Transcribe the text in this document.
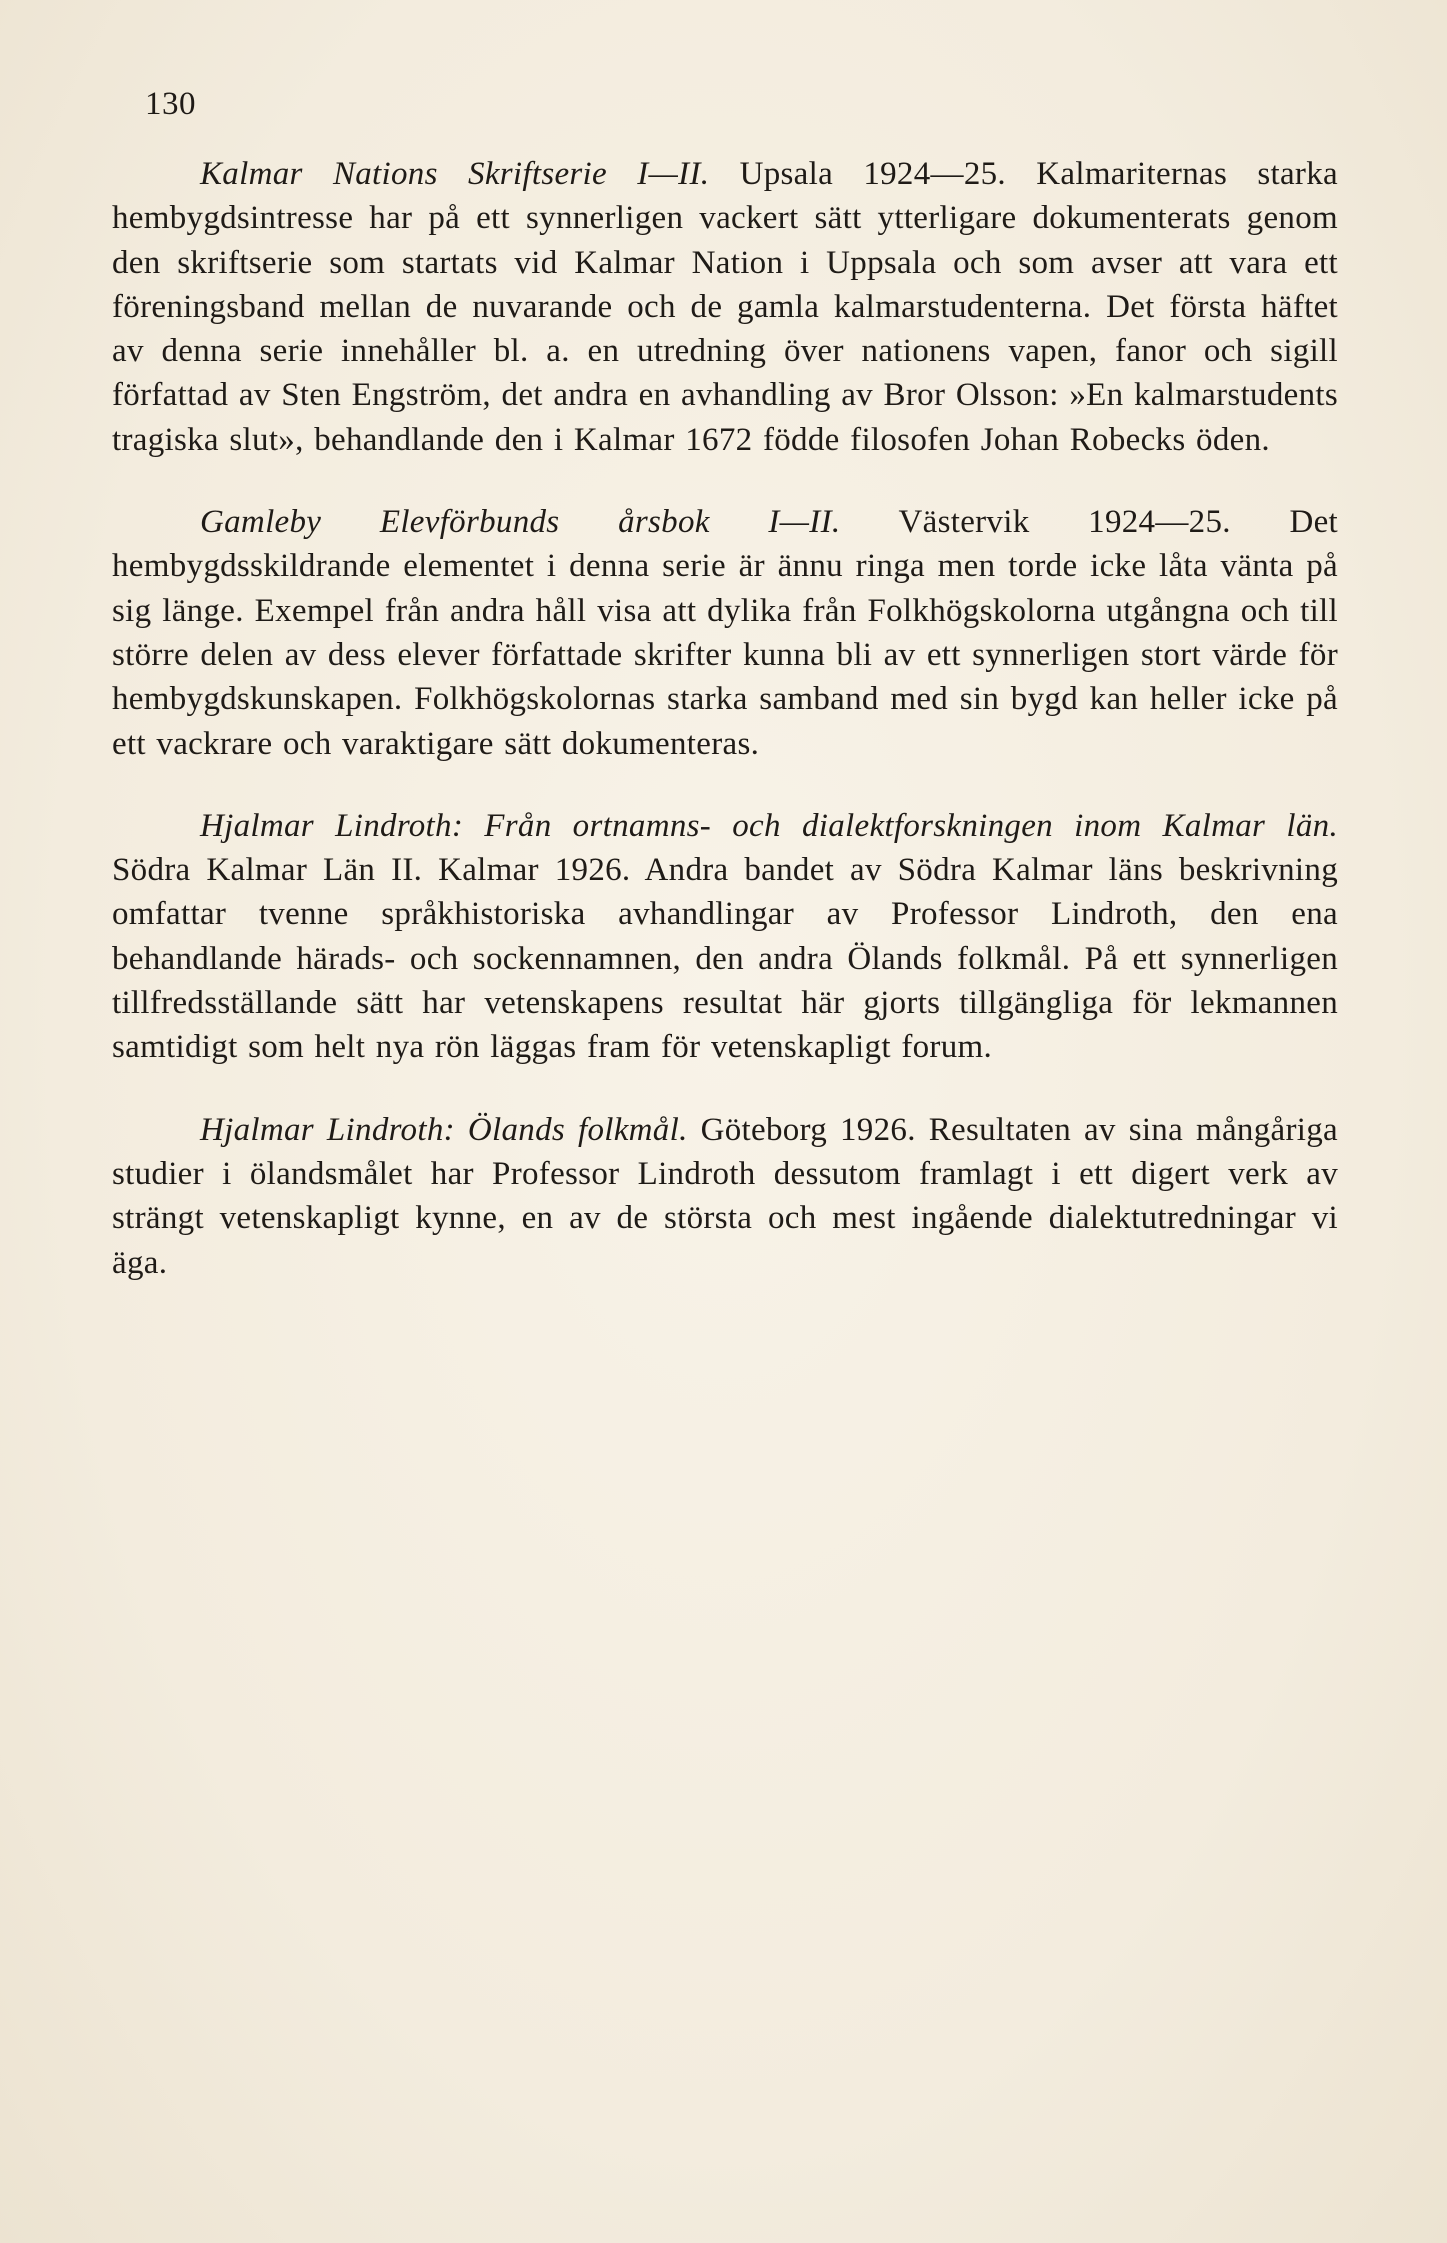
130

Kalmar Nations Skriftserie I—II. Upsala 1924—25. Kalmariternas starka hembygdsintresse har på ett synnerligen vackert sätt ytterligare dokumenterats genom den skriftserie som startats vid Kalmar Nation i Uppsala och som avser att vara ett föreningsband mellan de nuvarande och de gamla kalmarstudenterna. Det första häftet av denna serie innehåller bl. a. en utredning över nationens vapen, fanor och sigill författad av Sten Engström, det andra en avhandling av Bror Olsson: »En kalmarstudents tragiska slut», behandlande den i Kalmar 1672 födde filosofen Johan Robecks öden.

Gamleby Elevförbunds årsbok I—II. Västervik 1924—25. Det hembygdsskildrande elementet i denna serie är ännu ringa men torde icke låta vänta på sig länge. Exempel från andra håll visa att dylika från Folkhögskolorna utgångna och till större delen av dess elever författade skrifter kunna bli av ett synnerligen stort värde för hembygdskunskapen. Folkhögskolornas starka samband med sin bygd kan heller icke på ett vackrare och varaktigare sätt dokumenteras.

Hjalmar Lindroth: Från ortnamns- och dialektforskningen inom Kalmar län. Södra Kalmar Län II. Kalmar 1926. Andra bandet av Södra Kalmar läns beskrivning omfattar tvenne språkhistoriska avhandlingar av Professor Lindroth, den ena behandlande härads- och sockennamnen, den andra Ölands folkmål. På ett synnerligen tillfredsställande sätt har vetenskapens resultat här gjorts tillgängliga för lekmannen samtidigt som helt nya rön läggas fram för vetenskapligt forum.

Hjalmar Lindroth: Ölands folkmål. Göteborg 1926. Resultaten av sina mångåriga studier i ölandsmålet har Professor Lindroth dessutom framlagt i ett digert verk av strängt vetenskapligt kynne, en av de största och mest ingående dialektutredningar vi äga.
